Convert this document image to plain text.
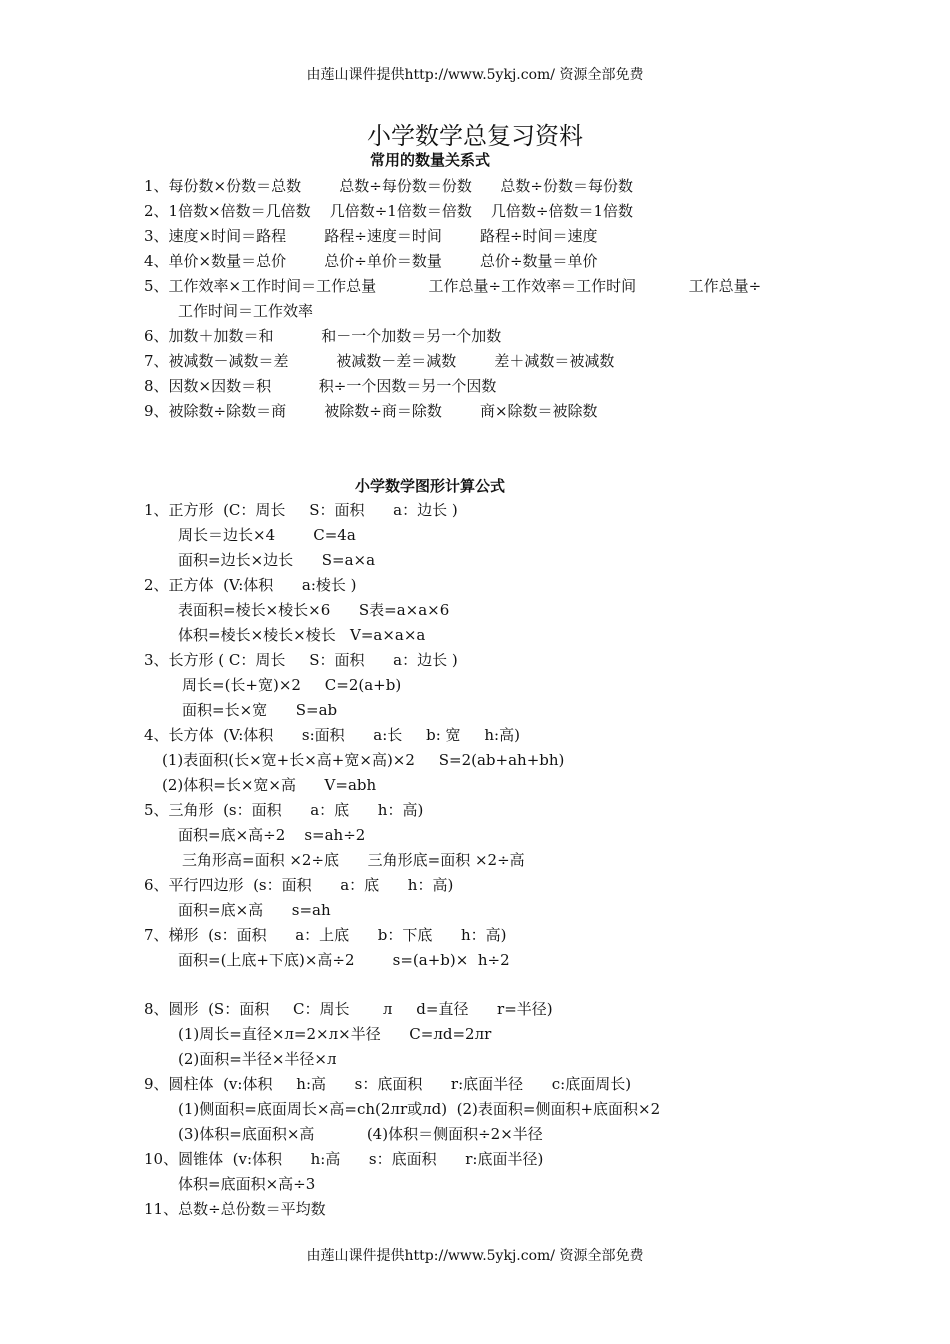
由莲山课件提供http://www.5ykj.com/ 资源全部免费
小学数学总复习资料
常用的数量关系式
1、每份数×份数＝总数        总数÷每份数＝份数      总数÷份数＝每份数
2、1倍数×倍数＝几倍数    几倍数÷1倍数＝倍数    几倍数÷倍数＝1倍数
3、速度×时间＝路程        路程÷速度＝时间        路程÷时间＝速度
4、单价×数量＝总价        总价÷单价＝数量        总价÷数量＝单价
5、工作效率×工作时间＝工作总量           工作总量÷工作效率＝工作时间           工作总量÷
工作时间＝工作效率
6、加数＋加数＝和          和－一个加数＝另一个加数
7、被减数－减数＝差          被减数－差＝减数        差＋减数＝被减数
8、因数×因数＝积          积÷一个因数＝另一个因数
9、被除数÷除数＝商        被除数÷商＝除数        商×除数＝被除数
小学数学图形计算公式
1、正方形  (C：周长     S：面积      a：边长 )
周长＝边长×4        C=4a
面积=边长×边长      S=a×a
2、正方体  (V:体积      a:棱长 )
表面积=棱长×棱长×6      S表=a×a×6
体积=棱长×棱长×棱长   V=a×a×a
3、长方形 ( C：周长     S：面积      a：边长 )
周长=(长+宽)×2     C=2(a+b)
面积=长×宽      S=ab
4、长方体  (V:体积      s:面积      a:长     b: 宽     h:高)
(1)表面积(长×宽+长×高+宽×高)×2     S=2(ab+ah+bh)
(2)体积=长×宽×高      V=abh
5、三角形  (s：面积      a：底      h：高)
面积=底×高÷2    s=ah÷2
三角形高=面积 ×2÷底      三角形底=面积 ×2÷高
6、平行四边形  (s：面积      a：底      h：高)
面积=底×高      s=ah
7、梯形  (s：面积      a：上底      b：下底      h：高)
面积=(上底+下底)×高÷2        s=(a+b)×  h÷2
8、圆形  (S：面积     C：周长       л     d=直径      r=半径)
(1)周长=直径×л=2×л×半径      C=лd=2лr
(2)面积=半径×半径×л
9、圆柱体  (v:体积     h:高      s：底面积      r:底面半径      c:底面周长)
(1)侧面积=底面周长×高=ch(2лr或лd)  (2)表面积=侧面积+底面积×2
(3)体积=底面积×高           (4)体积＝侧面积÷2×半径
10、圆锥体  (v:体积      h:高      s：底面积      r:底面半径)
体积=底面积×高÷3
11、总数÷总份数＝平均数
由莲山课件提供http://www.5ykj.com/ 资源全部免费
